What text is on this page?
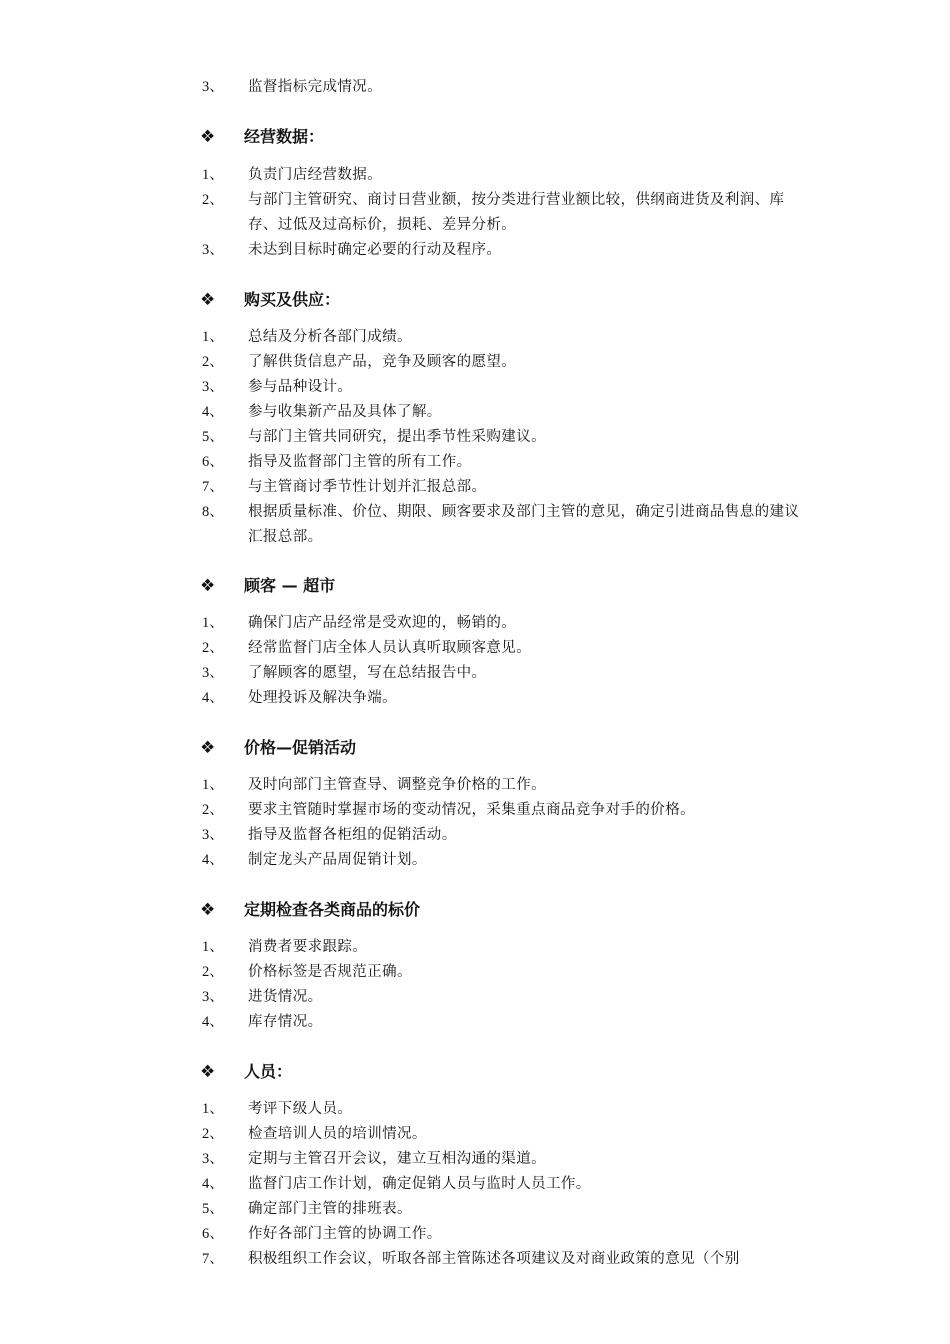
3、	监督指标完成情况。
❖ 经营数据：
1、	负责门店经营数据。
2、	与部门主管研究、商讨日营业额，按分类进行营业额比较，供纲商进货及利润、库存、过低及过高标价，损耗、差异分析。
3、	未达到目标时确定必要的行动及程序。
❖ 购买及供应：
1、	总结及分析各部门成绩。
2、	了解供货信息产品，竞争及顾客的愿望。
3、	参与品种设计。
4、	参与收集新产品及具体了解。
5、	与部门主管共同研究，提出季节性采购建议。
6、	指导及监督部门主管的所有工作。
7、	与主管商讨季节性计划并汇报总部。
8、	根据质量标准、价位、期限、顾客要求及部门主管的意见，确定引进商品售息的建议汇报总部。
❖ 顾客 — 超市
1、	确保门店产品经常是受欢迎的，畅销的。
2、	经常监督门店全体人员认真听取顾客意见。
3、	了解顾客的愿望，写在总结报告中。
4、	处理投诉及解决争端。
❖ 价格—促销活动
1、	及时向部门主管查导、调整竞争价格的工作。
2、	要求主管随时掌握市场的变动情况，采集重点商品竞争对手的价格。
3、	指导及监督各柜组的促销活动。
4、	制定龙头产品周促销计划。
❖ 定期检查各类商品的标价
1、	消费者要求跟踪。
2、	价格标签是否规范正确。
3、	进货情况。
4、	库存情况。
❖ 人员：
1、	考评下级人员。
2、	检查培训人员的培训情况。
3、	定期与主管召开会议，建立互相沟通的渠道。
4、	监督门店工作计划，确定促销人员与监时人员工作。
5、	确定部门主管的排班表。
6、	作好各部门主管的协调工作。
7、	积极组织工作会议，听取各部主管陈述各项建议及对商业政策的意见（个别
